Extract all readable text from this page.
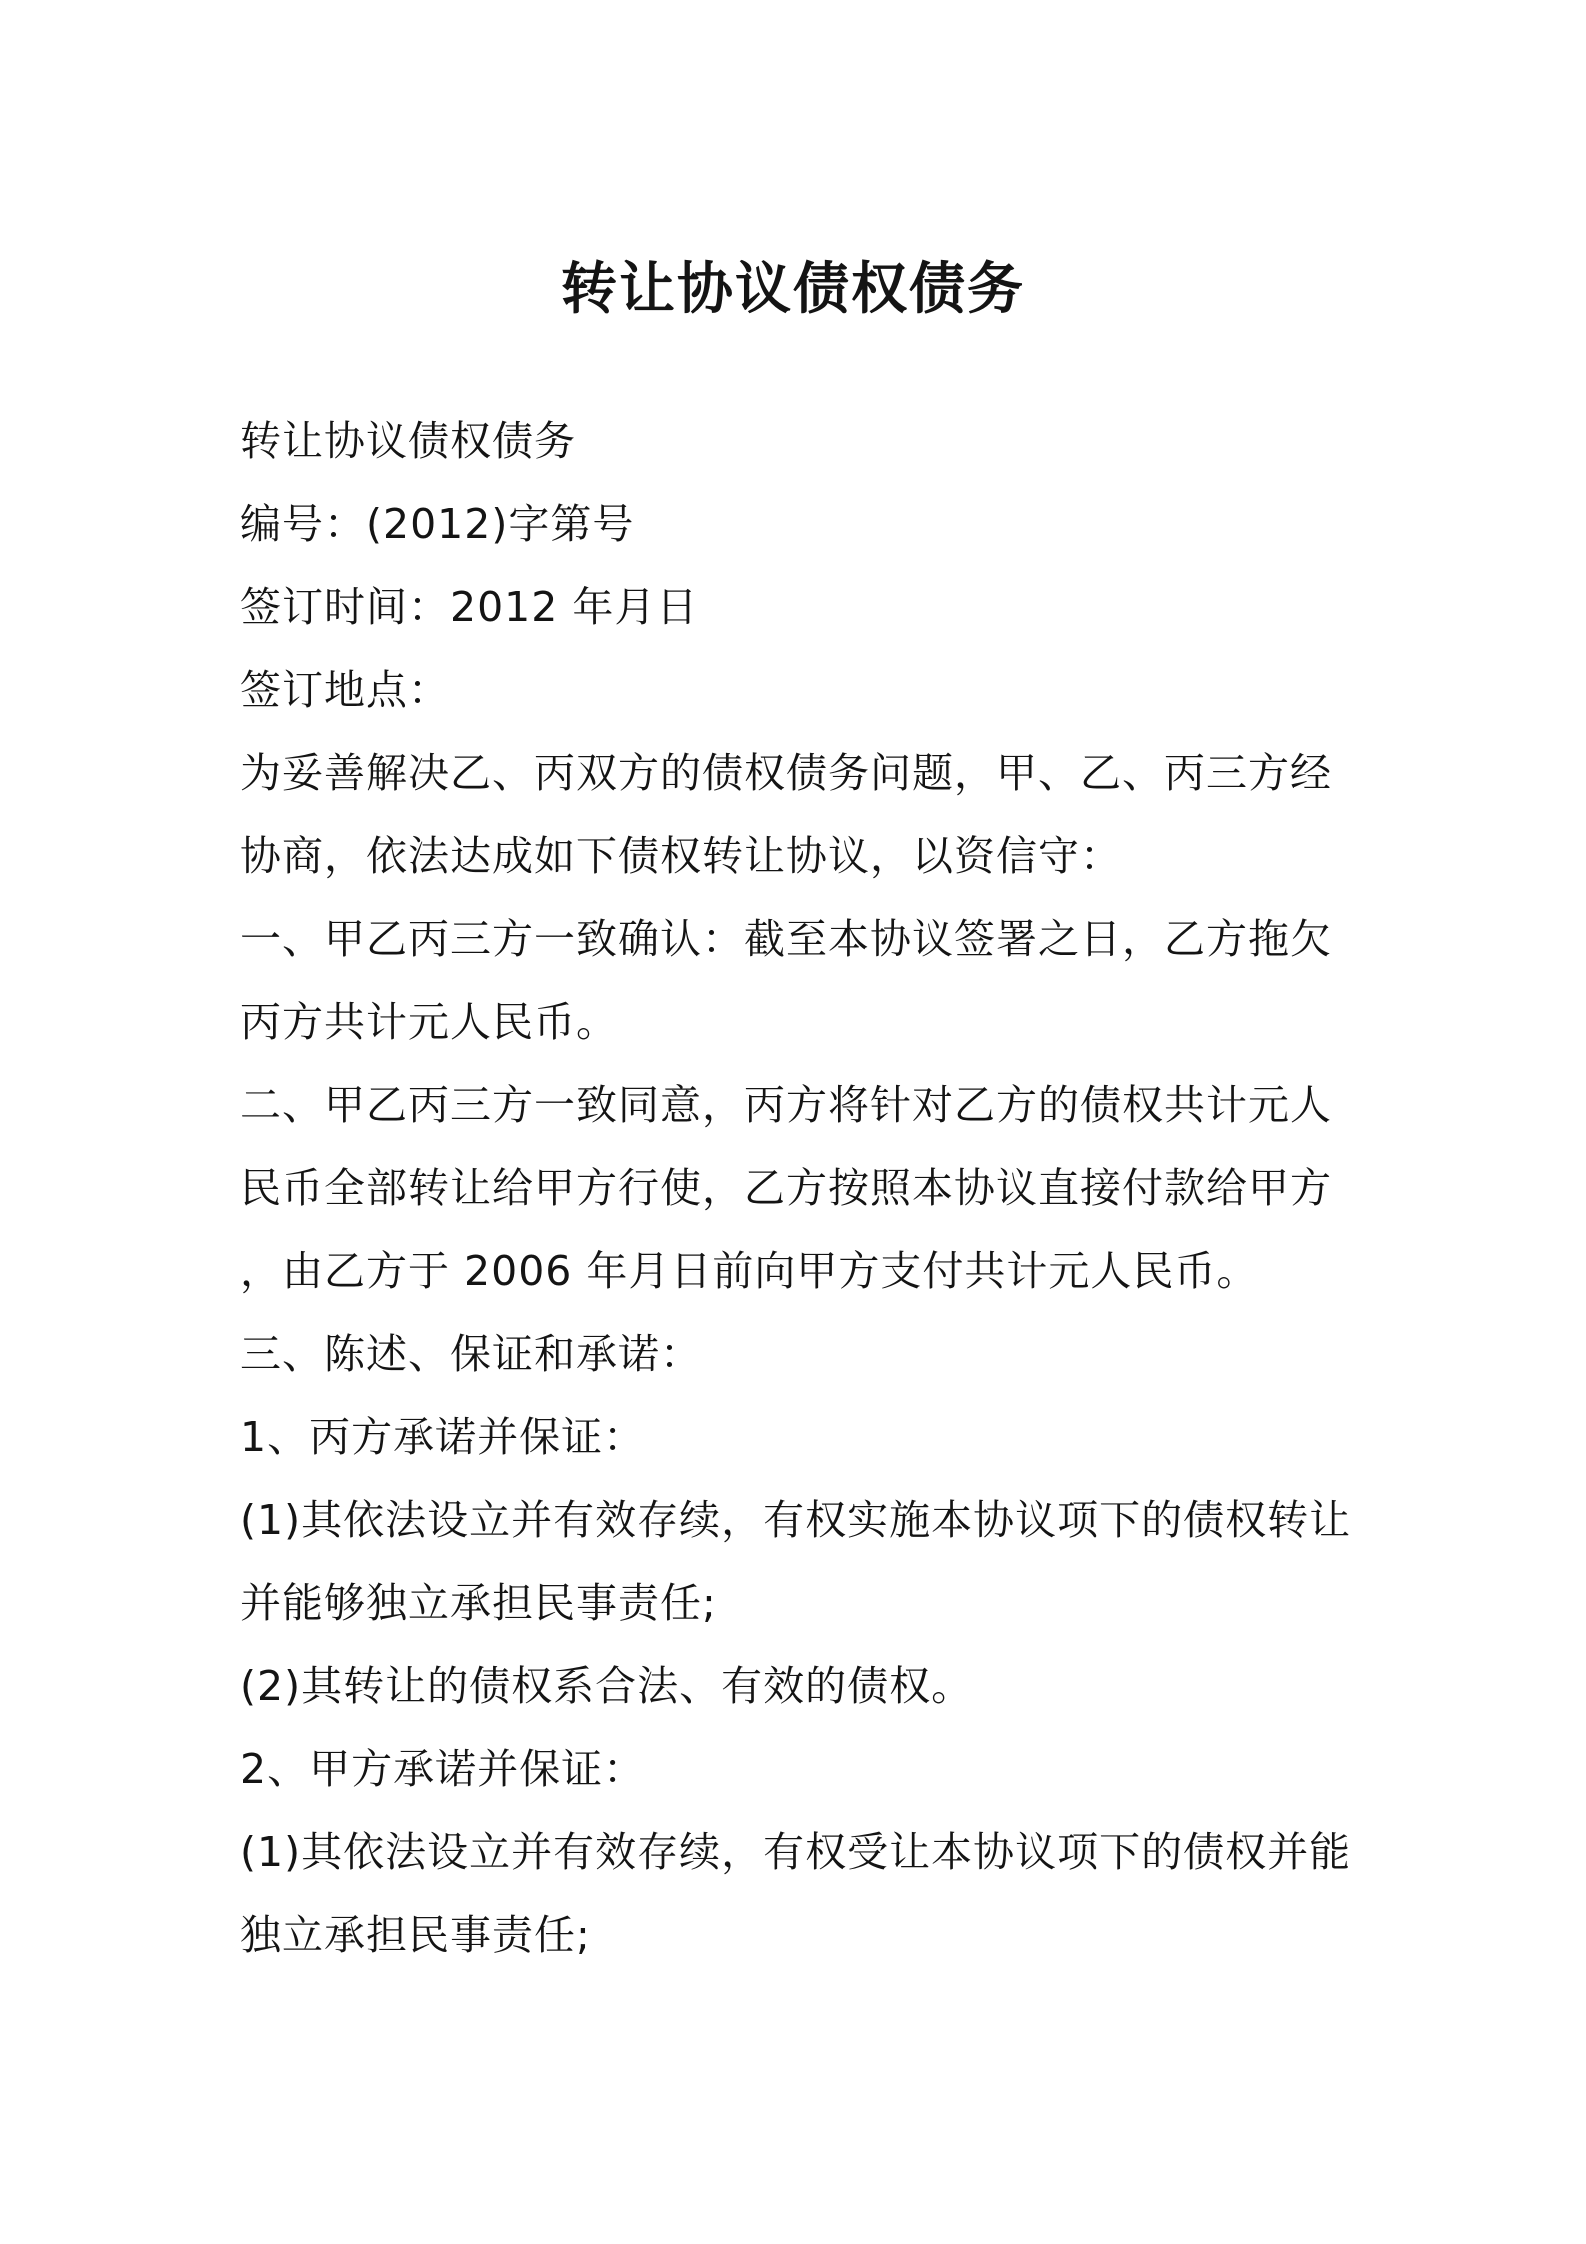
转让协议债权债务
转让协议债权债务
编号：(2012)字第号
签订时间：2012 年月日
签订地点：
为妥善解决乙、丙双方的债权债务问题，甲、乙、丙三方经
协商，依法达成如下债权转让协议，以资信守：
一、甲乙丙三方一致确认：截至本协议签署之日，乙方拖欠
丙方共计元人民币。
二、甲乙丙三方一致同意，丙方将针对乙方的债权共计元人
民币全部转让给甲方行使，乙方按照本协议直接付款给甲方
，由乙方于 2006 年月日前向甲方支付共计元人民币。
三、陈述、保证和承诺：
1、丙方承诺并保证：
(1)其依法设立并有效存续，有权实施本协议项下的债权转让
并能够独立承担民事责任;
(2)其转让的债权系合法、有效的债权。
2、甲方承诺并保证：
(1)其依法设立并有效存续，有权受让本协议项下的债权并能
独立承担民事责任;
